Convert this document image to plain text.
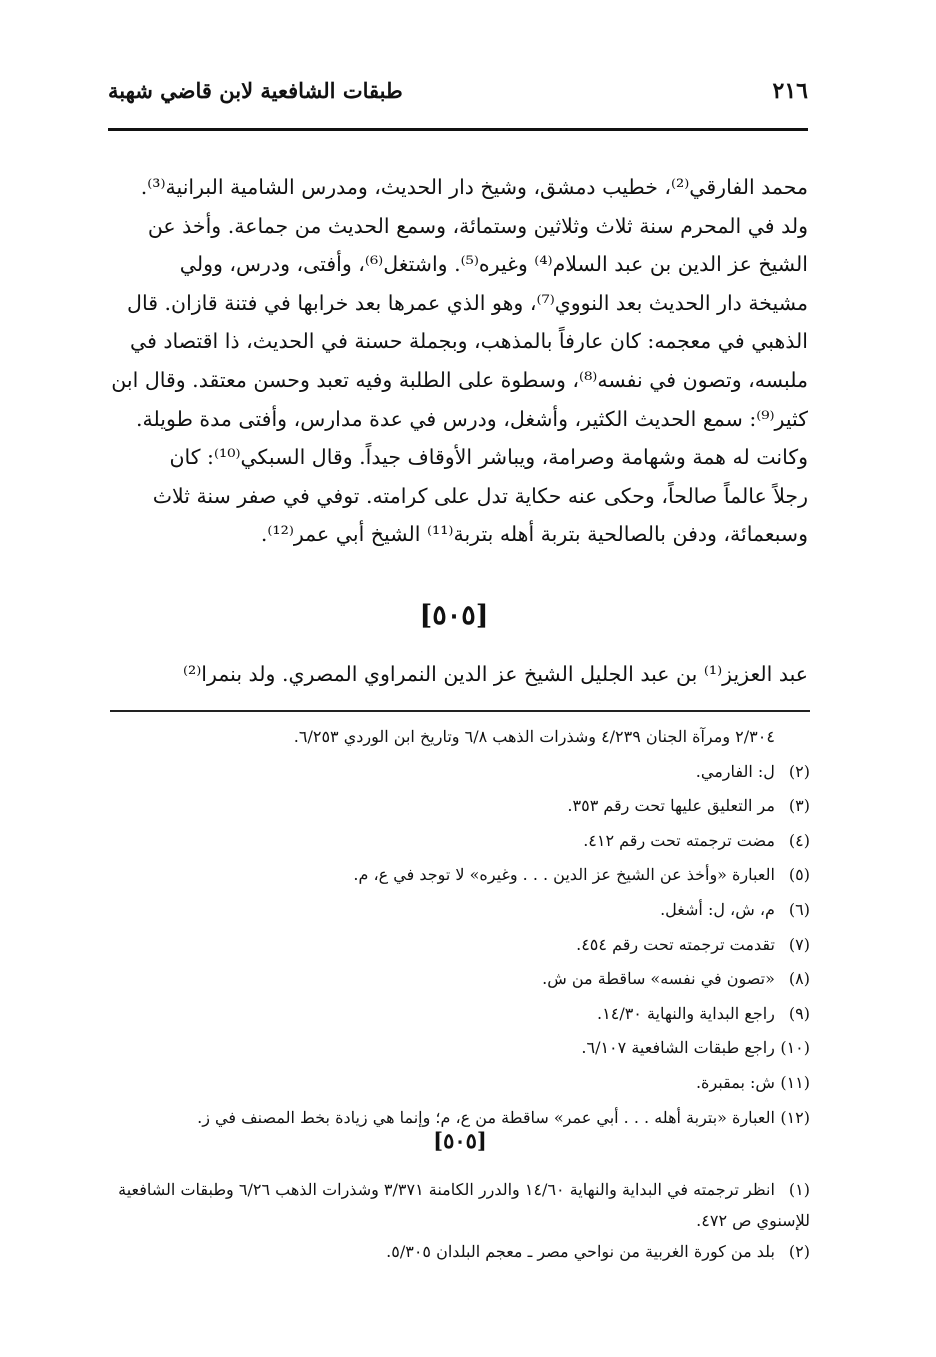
٢١٦
طبقات الشافعية لابن قاضي شهبة
محمد الفارقي⁽²⁾، خطيب دمشق، وشيخ دار الحديث، ومدرس الشامية البرانية⁽³⁾.
ولد في المحرم سنة ثلاث وثلاثين وستمائة، وسمع الحديث من جماعة. وأخذ عن
الشيخ عز الدين بن عبد السلام⁽⁴⁾ وغيره⁽⁵⁾. واشتغل⁽⁶⁾، وأفتى، ودرس، وولي
مشيخة دار الحديث بعد النووي⁽⁷⁾، وهو الذي عمرها بعد خرابها في فتنة قازان. قال
الذهبي في معجمه: كان عارفاً بالمذهب، وبجملة حسنة في الحديث، ذا اقتصاد في
ملبسه، وتصون في نفسه⁽⁸⁾، وسطوة على الطلبة وفيه تعبد وحسن معتقد. وقال ابن
كثير⁽⁹⁾: سمع الحديث الكثير، وأشغل، ودرس في عدة مدارس، وأفتى مدة طويلة.
وكانت له همة وشهامة وصرامة، ويباشر الأوقاف جيداً. وقال السبكي⁽¹⁰⁾: كان
رجلاً عالماً صالحاً، وحكى عنه حكاية تدل على كرامته. توفي في صفر سنة ثلاث
وسبعمائة، ودفن بالصالحية بتربة أهله بتربة⁽¹¹⁾ الشيخ أبي عمر⁽¹²⁾.
[٥٠٥]
عبد العزيز⁽¹⁾ بن عبد الجليل الشيخ عز الدين النمراوي المصري. ولد بنمرا⁽²⁾
٢/٣٠٤ ومرآة الجنان ٤/٢٣٩ وشذرات الذهب ٦/٨ وتاريخ ابن الوردي ٦/٢٥٣.
(٢) ل: الفارمي.
(٣) مر التعليق عليها تحت رقم ٣٥٣.
(٤) مضت ترجمته تحت رقم ٤١٢.
(٥) العبارة «وأخذ عن الشيخ عز الدين . . . وغيره» لا توجد في ع، م.
(٦) م، ش، ل: أشغل.
(٧) تقدمت ترجمته تحت رقم ٤٥٤.
(٨) «تصون في نفسه» ساقطة من ش.
(٩) راجع البداية والنهاية ١٤/٣٠.
(١٠) راجع طبقات الشافعية ٦/١٠٧.
(١١) ش: بمقبرة.
(١٢) العبارة «بتربة أهله . . . أبي عمر» ساقطة من ع، م؛ وإنما هي زيادة بخط المصنف في ز.
[٥٠٥]
(١) انظر ترجمته في البداية والنهاية ١٤/٦٠ والدرر الكامنة ٣/٣٧١ وشذرات الذهب ٦/٢٦ وطبقات الشافعية للإسنوي ص ٤٧٢.
(٢) بلد من كورة الغربية من نواحي مصر ـ معجم البلدان ٥/٣٠٥.
